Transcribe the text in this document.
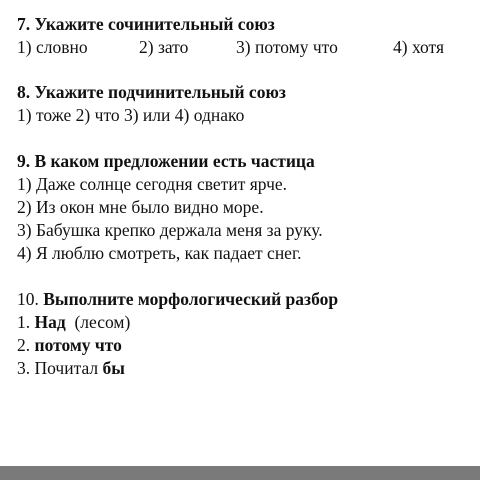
7. Укажите сочинительный союз
1) словно	2) зато	3) потому что	4) хотя
8. Укажите подчинительный союз
1) тоже 2) что 3) или 4) однако
9. В каком предложении есть частица
1) Даже солнце сегодня светит ярче.
2) Из окон мне было видно море.
3) Бабушка крепко держала меня за руку.
4) Я люблю смотреть, как падает снег.
10. Выполните морфологический разбор
1. Над  (лесом)
2. потому что
3. Почитал бы
